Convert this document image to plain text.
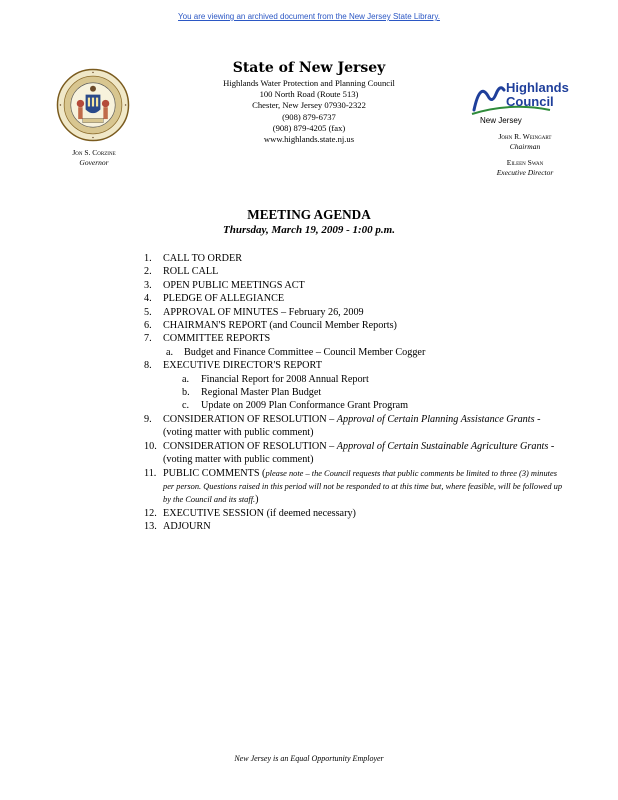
You are viewing an archived document from the New Jersey State Library.
Jon S. Corzine
Governor
State of New Jersey
Highlands Water Protection and Planning Council
100 North Road (Route 513)
Chester, New Jersey 07930-2322
(908) 879-6737
(908) 879-4205 (fax)
www.highlands.state.nj.us
Highlands
Council
New Jersey
John R. Weingart
Chairman
Eileen Swan
Executive Director
MEETING AGENDA
Thursday, March 19, 2009 - 1:00 p.m.
1.	CALL TO ORDER
2.	ROLL CALL
3.	OPEN PUBLIC MEETINGS ACT
4.	PLEDGE OF ALLEGIANCE
5.	APPROVAL OF MINUTES – February 26, 2009
6.	CHAIRMAN'S REPORT (and Council Member Reports)
7.	COMMITTEE REPORTS
a. Budget and Finance Committee – Council Member Cogger
8.	EXECUTIVE DIRECTOR'S REPORT
a. Financial Report for 2008 Annual Report
b. Regional Master Plan Budget
c. Update on 2009 Plan Conformance Grant Program
9.	CONSIDERATION OF RESOLUTION – Approval of Certain Planning Assistance Grants - (voting matter with public comment)
10. CONSIDERATION OF RESOLUTION – Approval of Certain Sustainable Agriculture Grants - (voting matter with public comment)
11. PUBLIC COMMENTS (please note – the Council requests that public comments be limited to three (3) minutes per person. Questions raised in this period will not be responded to at this time but, where feasible, will be followed up by the Council and its staff.)
12. EXECUTIVE SESSION (if deemed necessary)
13. ADJOURN
New Jersey is an Equal Opportunity Employer
